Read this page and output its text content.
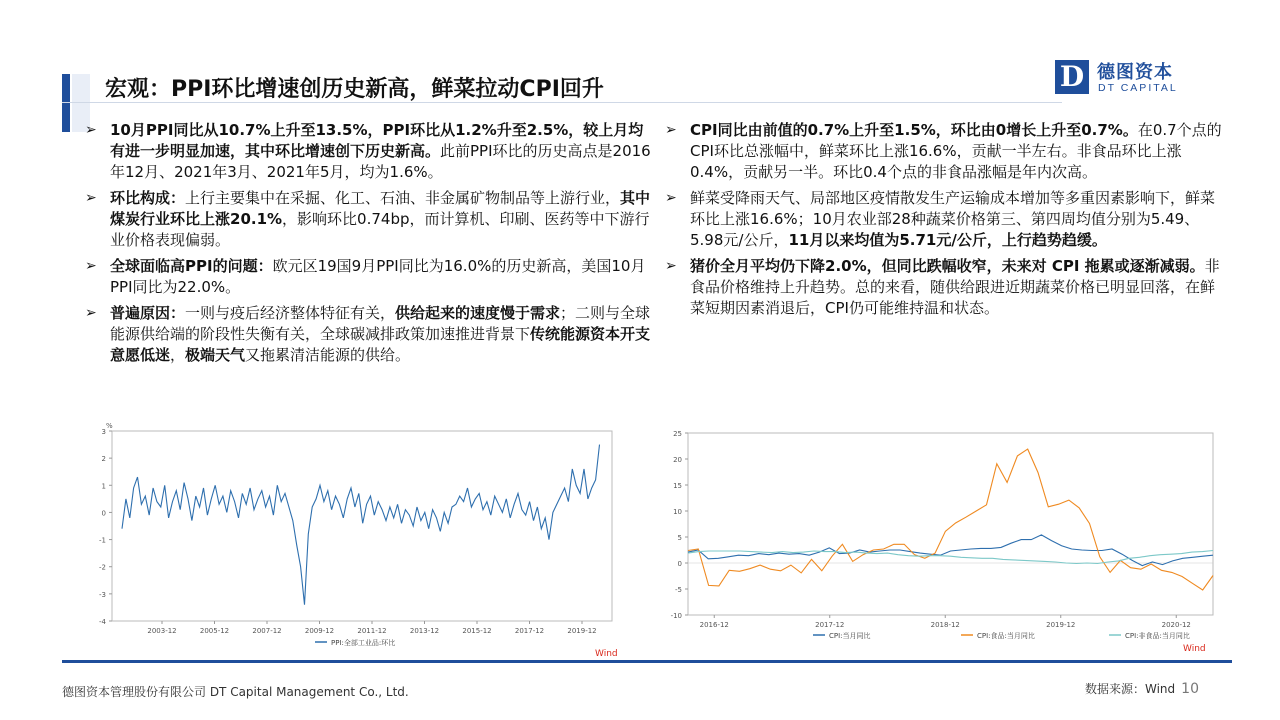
宏观：PPI环比增速创历史新高，鲜菜拉动CPI回升	D 德图资本
DT CAPITAL
➢ 10月PPI同比从10.7%上升至13.5%，PPI环比从1.2%升至2.5%，较上月均有进一步明显加速，其中环比增速创下历史新高。此前PPI环比的历史高点是2016年12月、2021年3月、2021年5月，均为1.6%。
➢ 环比构成：上行主要集中在采掘、化工、石油、非金属矿物制品等上游行业，其中煤炭行业环比上涨20.1%，影响环比0.74bp，而计算机、印刷、医药等中下游行业价格表现偏弱。
➢ 全球面临高PPI的问题：欧元区19国9月PPI同比为16.0%的历史新高，美国10月PPI同比为22.0%。
➢ 普遍原因：一则与疫后经济整体特征有关，供给起来的速度慢于需求；二则与全球能源供给端的阶段性失衡有关，全球碳减排政策加速推进背景下传统能源资本开支意愿低迷，极端天气又拖累清洁能源的供给。
➢ CPI同比由前值的0.7%上升至1.5%，环比由0增长上升至0.7%。在0.7个点的CPI环比总涨幅中，鲜菜环比上涨16.6%，贡献一半左右。非食品环比上涨0.4%，贡献另一半。环比0.4个点的非食品涨幅是年内次高。
➢ 鲜菜受降雨天气、局部地区疫情散发生产运输成本增加等多重因素影响下，鲜菜环比上涨16.6%；10月农业部28种蔬菜价格第三、第四周均值分别为5.49、5.98元/公斤，11月以来均值为5.71元/公斤，上行趋势趋缓。
➢ 猪价全月平均仍下降2.0%，但同比跌幅收窄，未来对 CPI 拖累或逐渐减弱。非食品价格维持上升趋势。总的来看，随供给跟进近期蔬菜价格已明显回落，在鲜菜短期因素消退后，CPI仍可能维持温和状态。
%
3
2
1
0
-1
-2
-3
-4
2003-12	2005-12	2007-12	2009-12	2011-12	2013-12	2015-12	2017-12	2019-12
PPI:全部工业品:环比
Wind
25
20
15
10
5
0
-5
-10
2016-12	2017-12	2018-12	2019-12	2020-12
CPI:当月同比	CPI:食品:当月同比	CPI:非食品:当月同比
Wind
德图资本管理股份有限公司 DT Capital Management Co., Ltd.	数据来源：Wind 10
